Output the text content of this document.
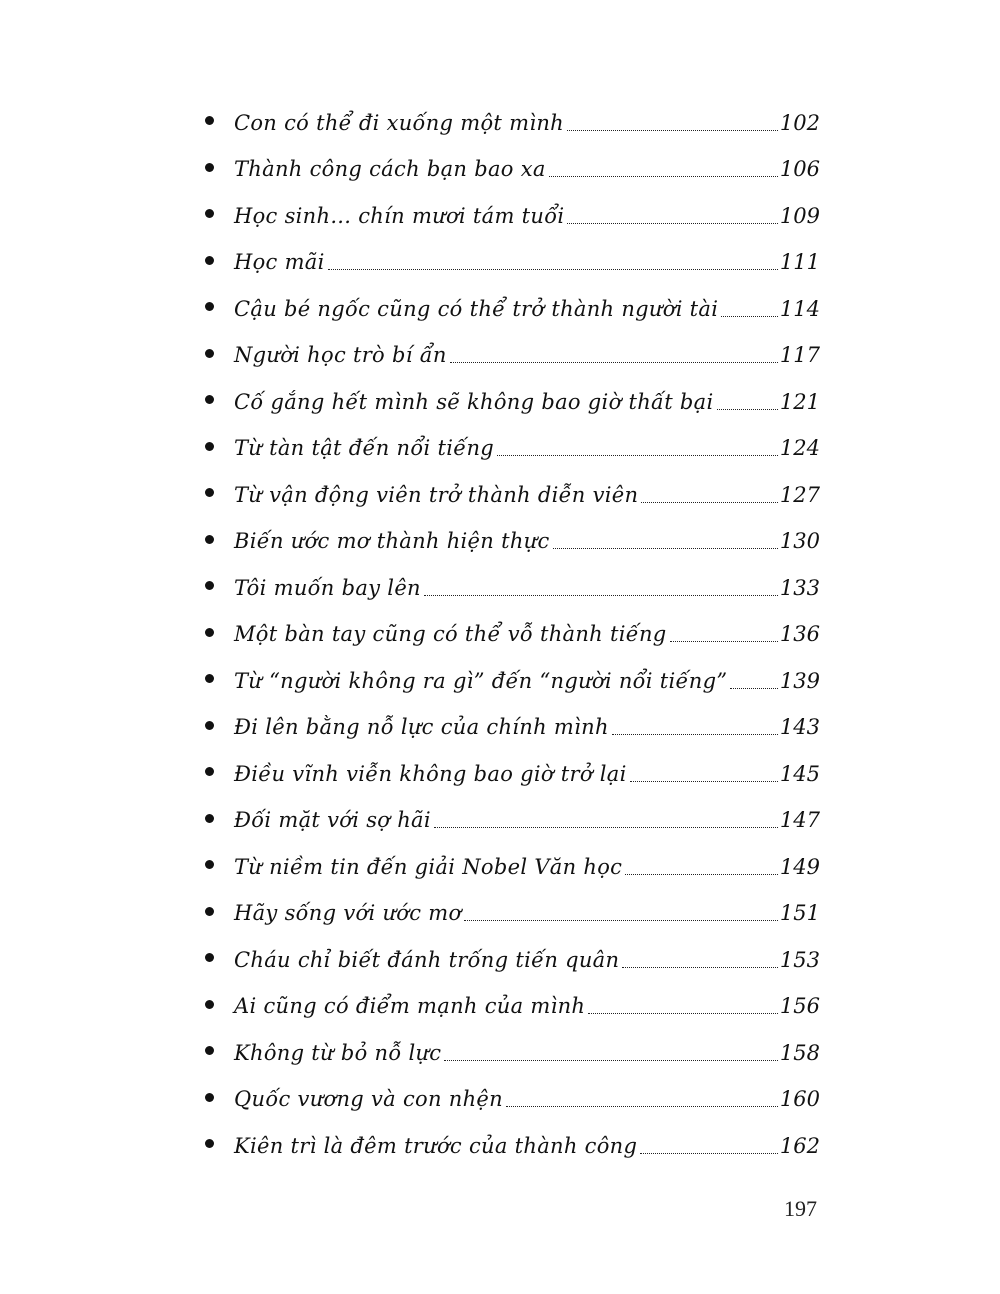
Con có thể đi xuống một mình	102
Thành công cách bạn bao xa	106
Học sinh... chín mươi tám tuổi	109
Học mãi	111
Cậu bé ngốc cũng có thể trở thành người tài	114
Người học trò bí ẩn	117
Cố gắng hết mình sẽ không bao giờ thất bại	121
Từ tàn tật đến nổi tiếng	124
Từ vận động viên trở thành diễn viên	127
Biến ước mơ thành hiện thực	130
Tôi muốn bay lên	133
Một bàn tay cũng có thể vỗ thành tiếng	136
Từ “người không ra gì” đến “người nổi tiếng”	139
Đi lên bằng nỗ lực của chính mình	143
Điều vĩnh viễn không bao giờ trở lại	145
Đối mặt với sợ hãi	147
Từ niềm tin đến giải Nobel Văn học	149
Hãy sống với ước mơ	151
Cháu chỉ biết đánh trống tiến quân	153
Ai cũng có điểm mạnh của mình	156
Không từ bỏ nỗ lực	158
Quốc vương và con nhện	160
Kiên trì là đêm trước của thành công	162
197
